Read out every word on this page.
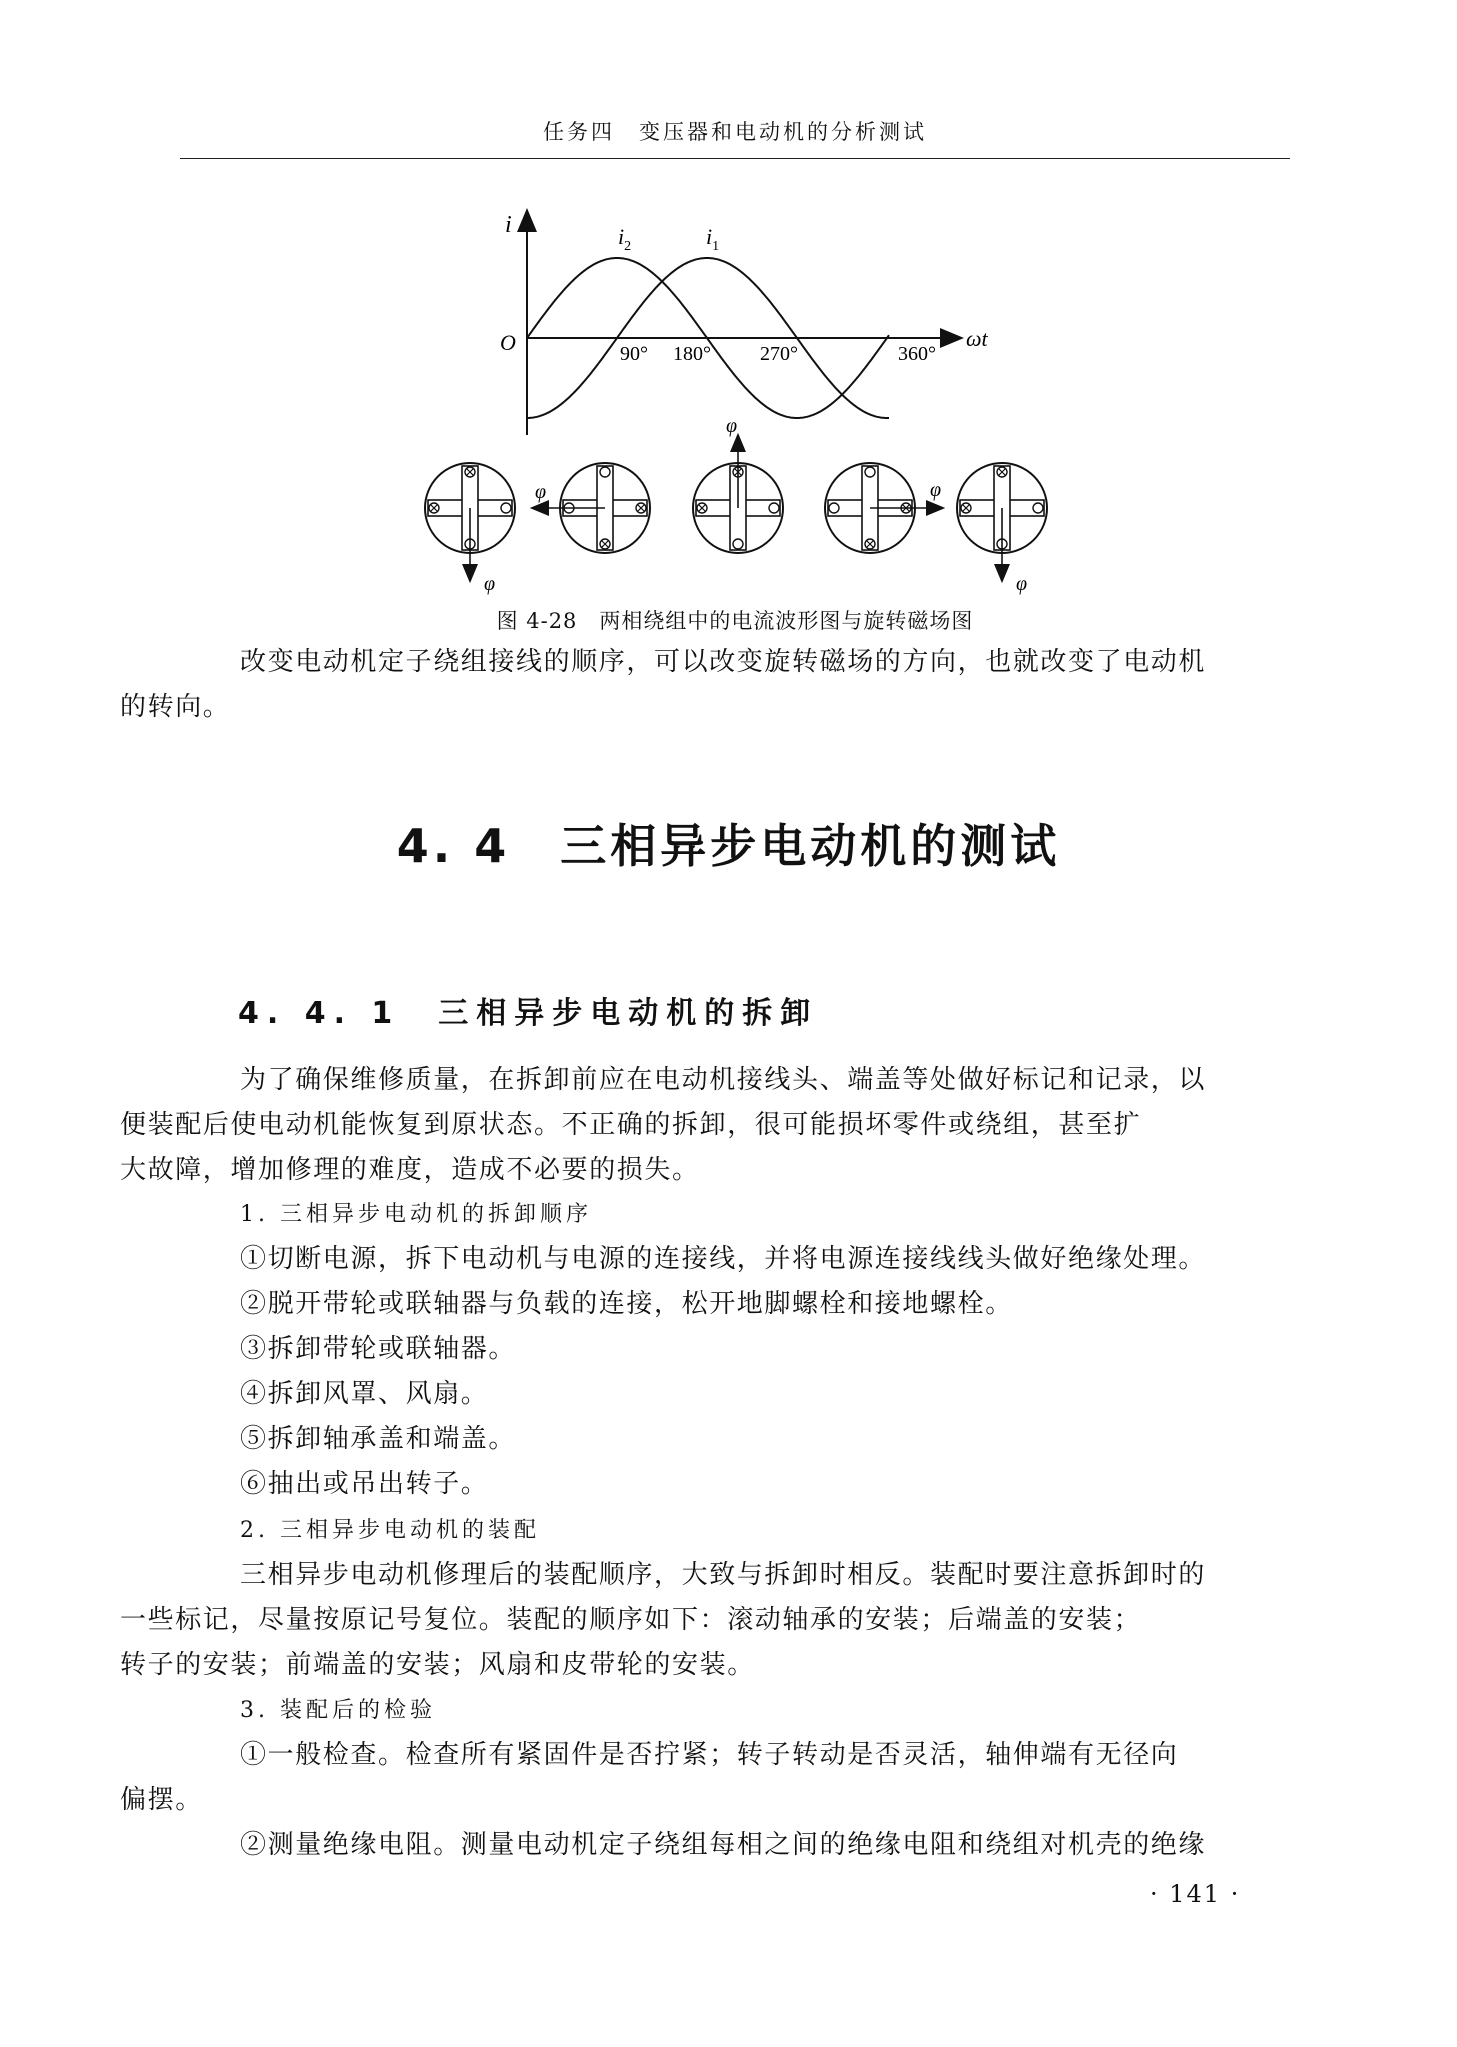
任务四　变压器和电动机的分析测试
i
ωt
O
$i_2$	$i_1$
90° 180° 270°	360°
φ
φ
φ
φ
φ
图 4-28　两相绕组中的电流波形图与旋转磁场图
改变电动机定子绕组接线的顺序，可以改变旋转磁场的方向，也就改变了电动机
的转向。
4. 4　三相异步电动机的测试
4. 4. 1　三相异步电动机的拆卸
为了确保维修质量，在拆卸前应在电动机接线头、端盖等处做好标记和记录，以
便装配后使电动机能恢复到原状态。不正确的拆卸，很可能损坏零件或绕组，甚至扩
大故障，增加修理的难度，造成不必要的损失。
1. 三相异步电动机的拆卸顺序
①切断电源，拆下电动机与电源的连接线，并将电源连接线线头做好绝缘处理。
②脱开带轮或联轴器与负载的连接，松开地脚螺栓和接地螺栓。
③拆卸带轮或联轴器。
④拆卸风罩、风扇。
⑤拆卸轴承盖和端盖。
⑥抽出或吊出转子。
2. 三相异步电动机的装配
三相异步电动机修理后的装配顺序，大致与拆卸时相反。装配时要注意拆卸时的
一些标记，尽量按原记号复位。装配的顺序如下：滚动轴承的安装；后端盖的安装；
转子的安装；前端盖的安装；风扇和皮带轮的安装。
3. 装配后的检验
①一般检查。检查所有紧固件是否拧紧；转子转动是否灵活，轴伸端有无径向
偏摆。
②测量绝缘电阻。测量电动机定子绕组每相之间的绝缘电阻和绕组对机壳的绝缘
· 141 ·
